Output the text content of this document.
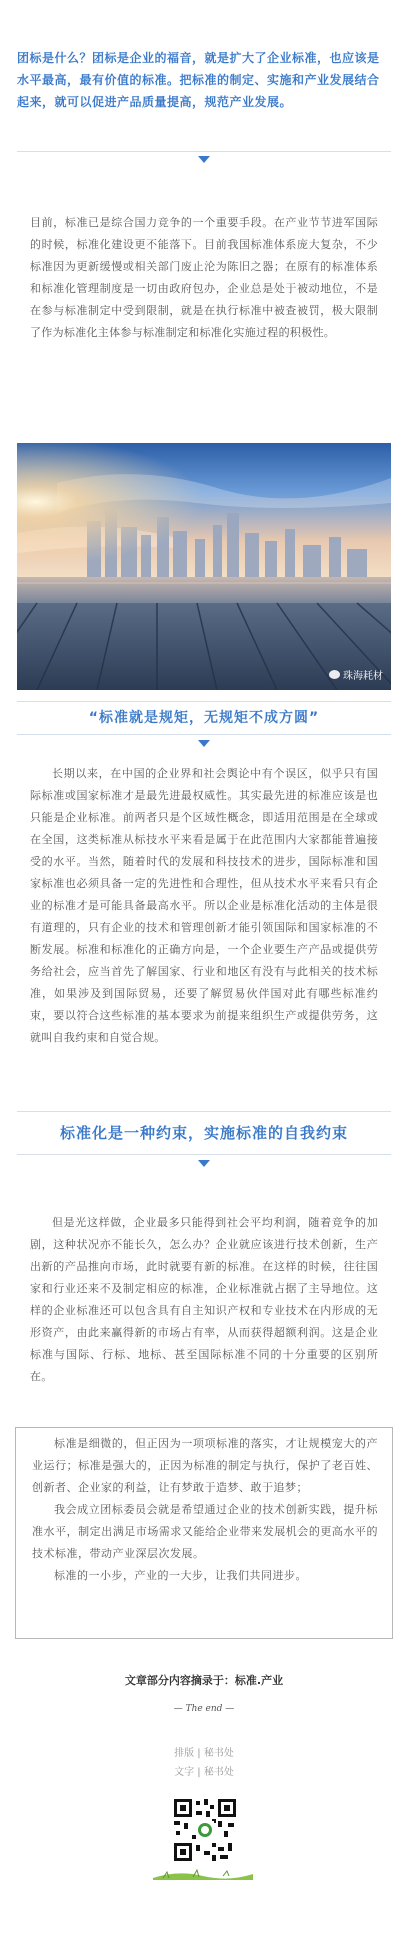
团标是什么？团标是企业的福音，就是扩大了企业标准，也应该是水平最高，最有价值的标准。把标准的制定、实施和产业发展结合起来，就可以促进产品质量提高，规范产业发展。
目前，标准已是综合国力竞争的一个重要手段。在产业节节进军国际的时候，标准化建设更不能落下。目前我国标准体系庞大复杂，不少标准因为更新缓慢或相关部门废止沦为陈旧之器；在原有的标准体系和标准化管理制度是一切由政府包办，企业总是处于被动地位，不是在参与标准制定中受到限制，就是在执行标准中被查被罚，极大限制了作为标准化主体参与标准制定和标准化实施过程的积极性。
珠海耗材
“标准就是规矩，无规矩不成方圆”
长期以来，在中国的企业界和社会舆论中有个误区，似乎只有国际标准或国家标准才是最先进最权威性。其实最先进的标准应该是也只能是企业标准。前两者只是个区域性概念，即适用范围是在全球或在全国，这类标准从标技水平来看是属于在此范围内大家都能普遍接受的水平。当然，随着时代的发展和科技技术的进步，国际标准和国家标准也必须具备一定的先进性和合理性，但从技术水平来看只有企业的标准才是可能具备最高水平。所以企业是标准化活动的主体是很有道理的，只有企业的技术和管理创新才能引领国际和国家标准的不断发展。标准和标准化的正确方向是，一个企业要生产产品或提供劳务给社会，应当首先了解国家、行业和地区有没有与此相关的技术标准，如果涉及到国际贸易，还要了解贸易伙伴国对此有哪些标准约束，要以符合这些标准的基本要求为前提来组织生产或提供劳务，这就叫自我约束和自觉合规。
标准化是一种约束，实施标准的自我约束
但是光这样做，企业最多只能得到社会平均利润，随着竞争的加剧，这种状况亦不能长久，怎么办？企业就应该进行技术创新，生产出新的产品推向市场，此时就要有新的标准。在这样的时候，往往国家和行业还来不及制定相应的标准，企业标准就占据了主导地位。这样的企业标准还可以包含具有自主知识产权和专业技术在内形成的无形资产，由此来赢得新的市场占有率，从而获得超额利润。这是企业标准与国际、行标、地标、甚至国际标准不同的十分重要的区别所在。

标准是细微的，但正因为一项项标准的落实，才让规模宠大的产业运行；标准是强大的，正因为标准的制定与执行，保护了老百姓、创新者、企业家的利益，让有梦敢于造梦、敢于追梦；

我会成立团标委员会就是希望通过企业的技术创新实践，提升标准水平，制定出满足市场需求又能给企业带来发展机会的更高水平的技术标准，带动产业深层次发展。

标准的一小步，产业的一大步，让我们共同进步。

文章部分内容摘录于：标准.产业
— The end —
排版 | 秘书处
文字 | 秘书处
